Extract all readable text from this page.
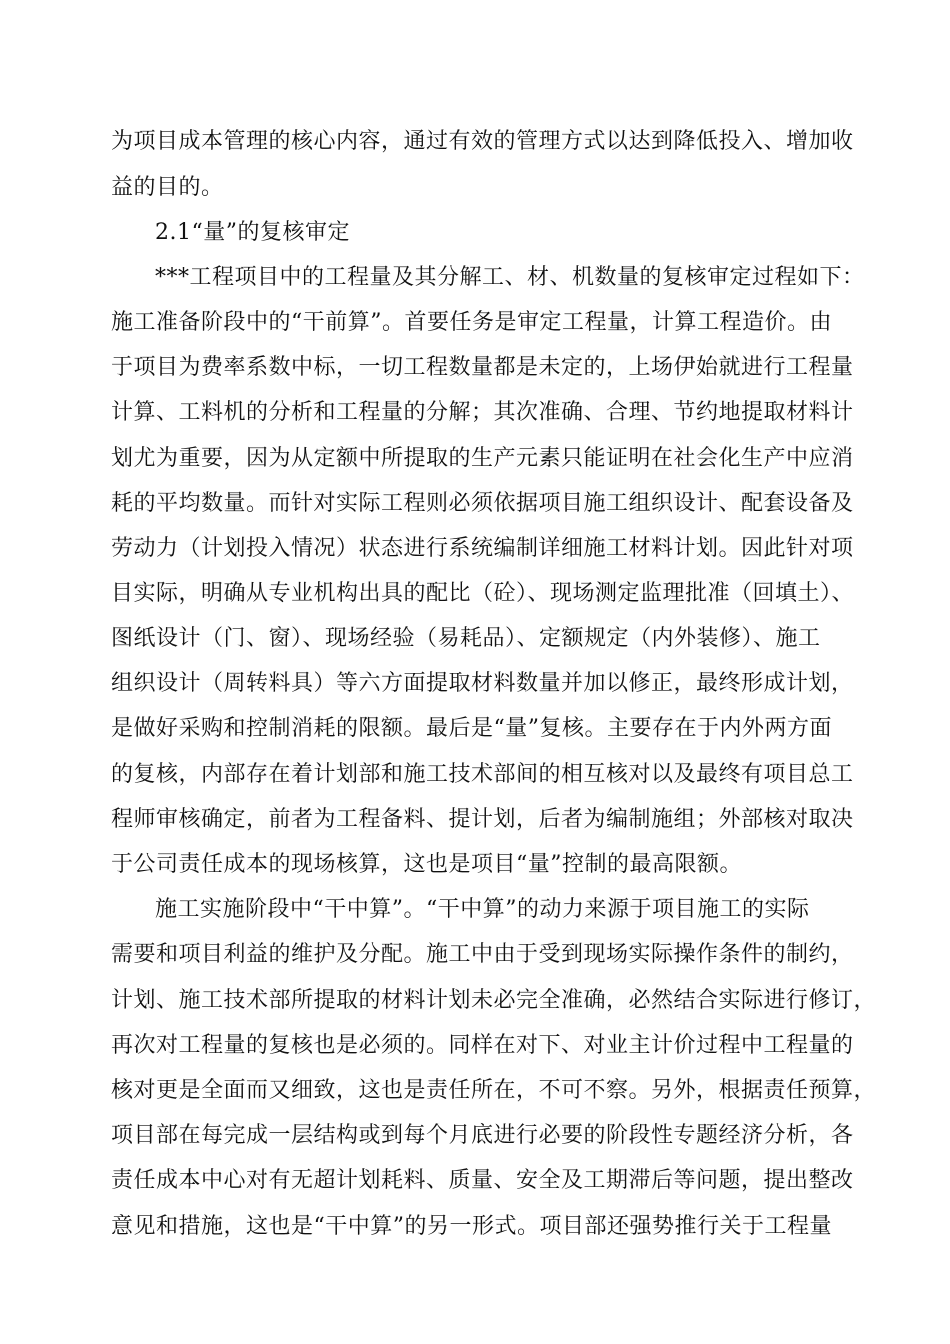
为项目成本管理的核心内容，通过有效的管理方式以达到降低投入、增加收
益的目的。
2.1“量”的复核审定
***工程项目中的工程量及其分解工、材、机数量的复核审定过程如下：
施工准备阶段中的“干前算”。首要任务是审定工程量，计算工程造价。由
于项目为费率系数中标，一切工程数量都是未定的，上场伊始就进行工程量
计算、工料机的分析和工程量的分解；其次准确、合理、节约地提取材料计
划尤为重要，因为从定额中所提取的生产元素只能证明在社会化生产中应消
耗的平均数量。而针对实际工程则必须依据项目施工组织设计、配套设备及
劳动力（计划投入情况）状态进行系统编制详细施工材料计划。因此针对项
目实际，明确从专业机构出具的配比（砼）、现场测定监理批准（回填土）、
图纸设计（门、窗）、现场经验（易耗品）、定额规定（内外装修）、施工
组织设计（周转料具）等六方面提取材料数量并加以修正，最终形成计划，
是做好采购和控制消耗的限额。最后是“量”复核。主要存在于内外两方面
的复核，内部存在着计划部和施工技术部间的相互核对以及最终有项目总工
程师审核确定，前者为工程备料、提计划，后者为编制施组；外部核对取决
于公司责任成本的现场核算，这也是项目“量”控制的最高限额。
施工实施阶段中“干中算”。“干中算”的动力来源于项目施工的实际
需要和项目利益的维护及分配。施工中由于受到现场实际操作条件的制约，
计划、施工技术部所提取的材料计划未必完全准确，必然结合实际进行修订，
再次对工程量的复核也是必须的。同样在对下、对业主计价过程中工程量的
核对更是全面而又细致，这也是责任所在，不可不察。另外，根据责任预算，
项目部在每完成一层结构或到每个月底进行必要的阶段性专题经济分析，各
责任成本中心对有无超计划耗料、质量、安全及工期滞后等问题，提出整改
意见和措施，这也是“干中算”的另一形式。项目部还强势推行关于工程量
